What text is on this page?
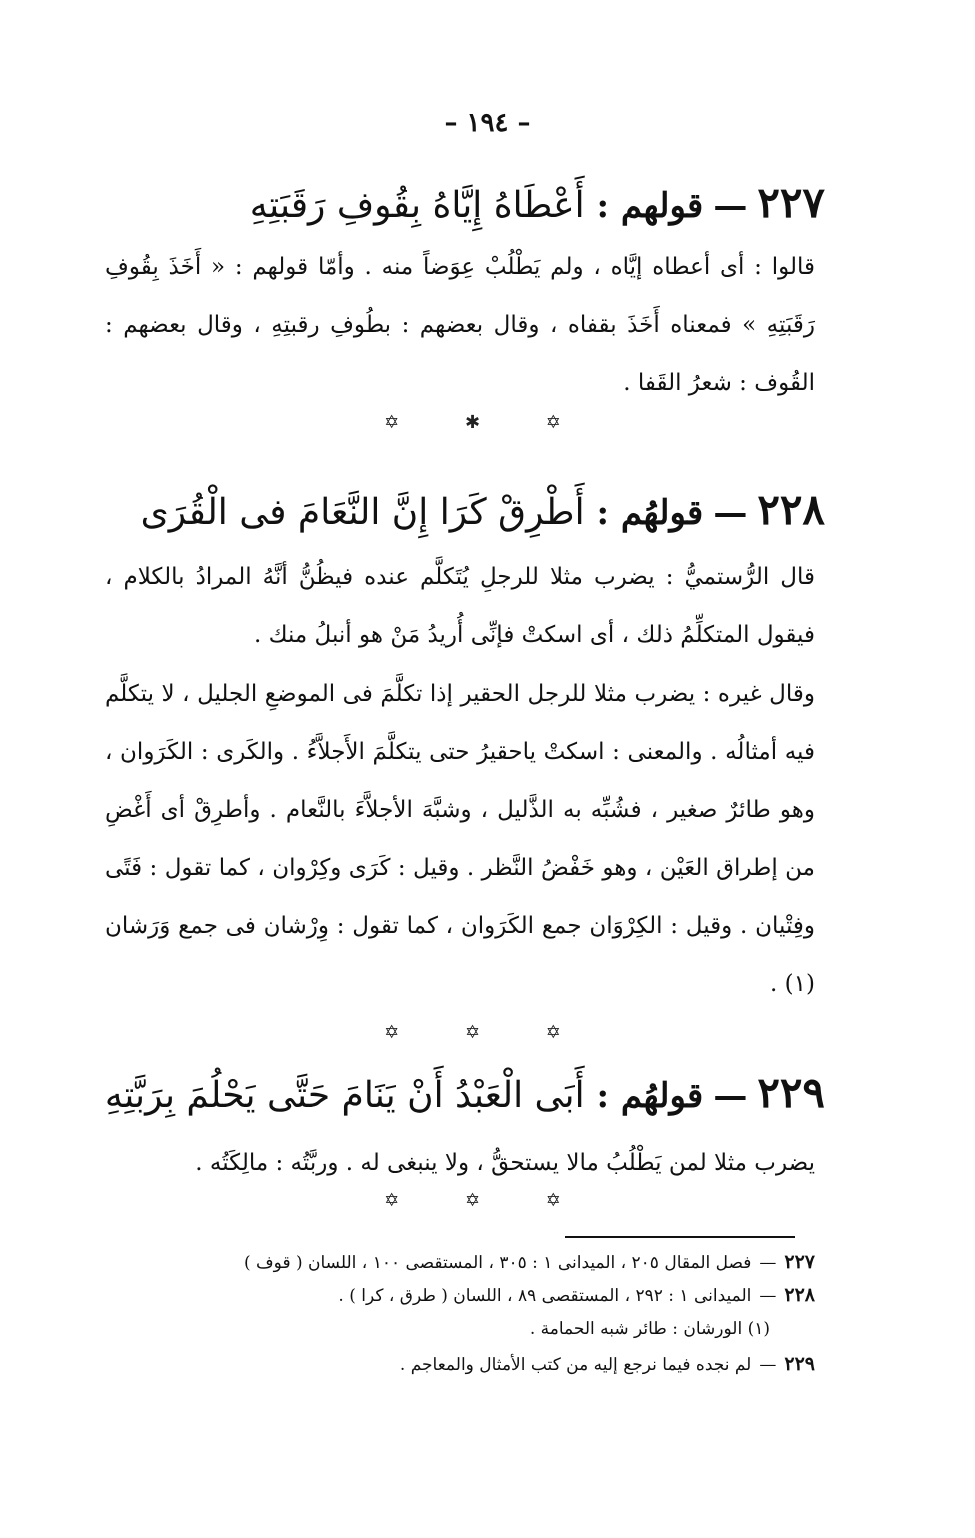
– ١٩٤ –
٢٢٧—قولهم : أَعْطَاهُ إِيَّاهُ بِقُوفِ رَقَبَتِهِ
قالوا : أى أعطاه إيَّاه ، ولم يَطْلُبْ عِوَضاً منه . وأمّا قولهم : « أَخَذَ بِقُوفِ رَقَبَتِهِ » فمعناه أَخَذَ بقفاه ، وقال بعضهم : بطُوفِ رقبتِهِ ، وقال بعضهم : القُوف : شعرُ القَفا .
✡ ✱ ✡
٢٢٨—قولهُم : أَطْرِقْ كَرَا إِنَّ النَّعَامَ فى الْقُرَى
قال الرُّستميُّ : يضرب مثلا للرجلِ يُتَكلَّم عنده فيظُنُّ أنَّهُ المرادُ بالكلام ، فيقول المتكلِّمُ ذلك ، أى اسكتْ فإنِّى أُريدُ مَنْ هو أنبلُ منك .
وقال غيره : يضرب مثلا للرجل الحقير إذا تكلَّمَ فى الموضعِ الجليل ، لا يتكلَّم فيه أمثالُه . والمعنى : اسكتْ ياحقيرُ حتى يتكلَّمَ الأَجلاَّءُ . والكَرى : الكَرَوان ، وهو طائرٌ صغير ، فشُبِّه به الذَّليل ، وشبَّهَ الأجلاَّءَ بالنَّعام . وأطرِقْ أى أَغْضِ من إطراق العَيْن ، وهو خَفْضُ النَّظر . وقيل : كَرَى وكِرْوان ، كما تقول : فَتًى وفِتْيان . وقيل : الكِرْوَان جمع الكَرَوان ، كما تقول : وِرْشان فى جمع وَرَشان (١) .
✡ ✡ ✡
٢٢٩—قولهُم : أَبَى الْعَبْدُ أَنْ يَنَامَ حَتَّى يَحْلُمَ بِرَبَّتِهِ
يضرب مثلا لمن يَطْلُبُ مالا يستحقُّ ، ولا ينبغى له . وربَّتُه : مالِكَتُه .
✡ ✡ ✡
٢٢٧—فصل المقال ٢٠٥ ، الميدانى ١ : ٣٠٥ ، المستقصى ١٠٠ ، اللسان ( قوف )
٢٢٨—الميدانى ١ : ٢٩٢ ، المستقصى ٨٩ ، اللسان ( طرق ، كرا ) .
(١) الورشان : طائر شبه الحمامة .
٢٢٩—لم نجده فيما نرجع إليه من كتب الأمثال والمعاجم .
